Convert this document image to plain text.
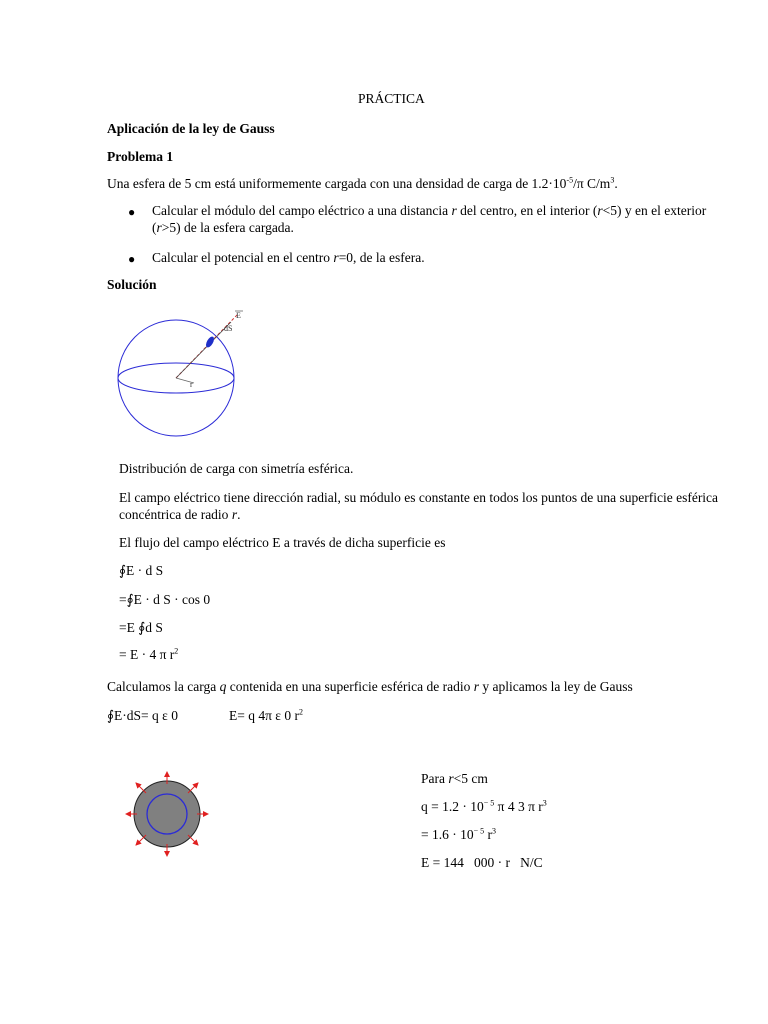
PRÁCTICA
Aplicación de la ley de Gauss
Problema 1
Una esfera de 5 cm está uniformemente cargada con una densidad de carga de $1.2\cdot 10^{-5}/\pi$ $C/m^3$.
● Calcular el módulo del campo eléctrico a una distancia r del centro, en el interior (r<5) y en el exterior (r>5) de la esfera cargada.
● Calcular el potencial en el centro r=0, de la esfera.
Solución
E
dS
r
Distribución de carga con simetría esférica.
El campo eléctrico tiene dirección radial, su módulo es constante en todos los puntos de una superficie esférica concéntrica de radio r.
El flujo del campo eléctrico E a través de dicha superficie es
∮E · d S
=∮E · d S · cos 0
=E ∮d S
= E · 4 π $r^2$
Calculamos la carga q contenida en una superficie esférica de radio r y aplicamos la ley de Gauss
∮E·dS= q ε 0	E= q 4π ε 0 $r^2$
Para r<5 cm
$q = 1.2 \cdot 10^{- 5}$ π 4 3 π $r^3$
= $1.6 \cdot 10^{- 5}$ $r^3$
E = 144   000 · r   N/C
